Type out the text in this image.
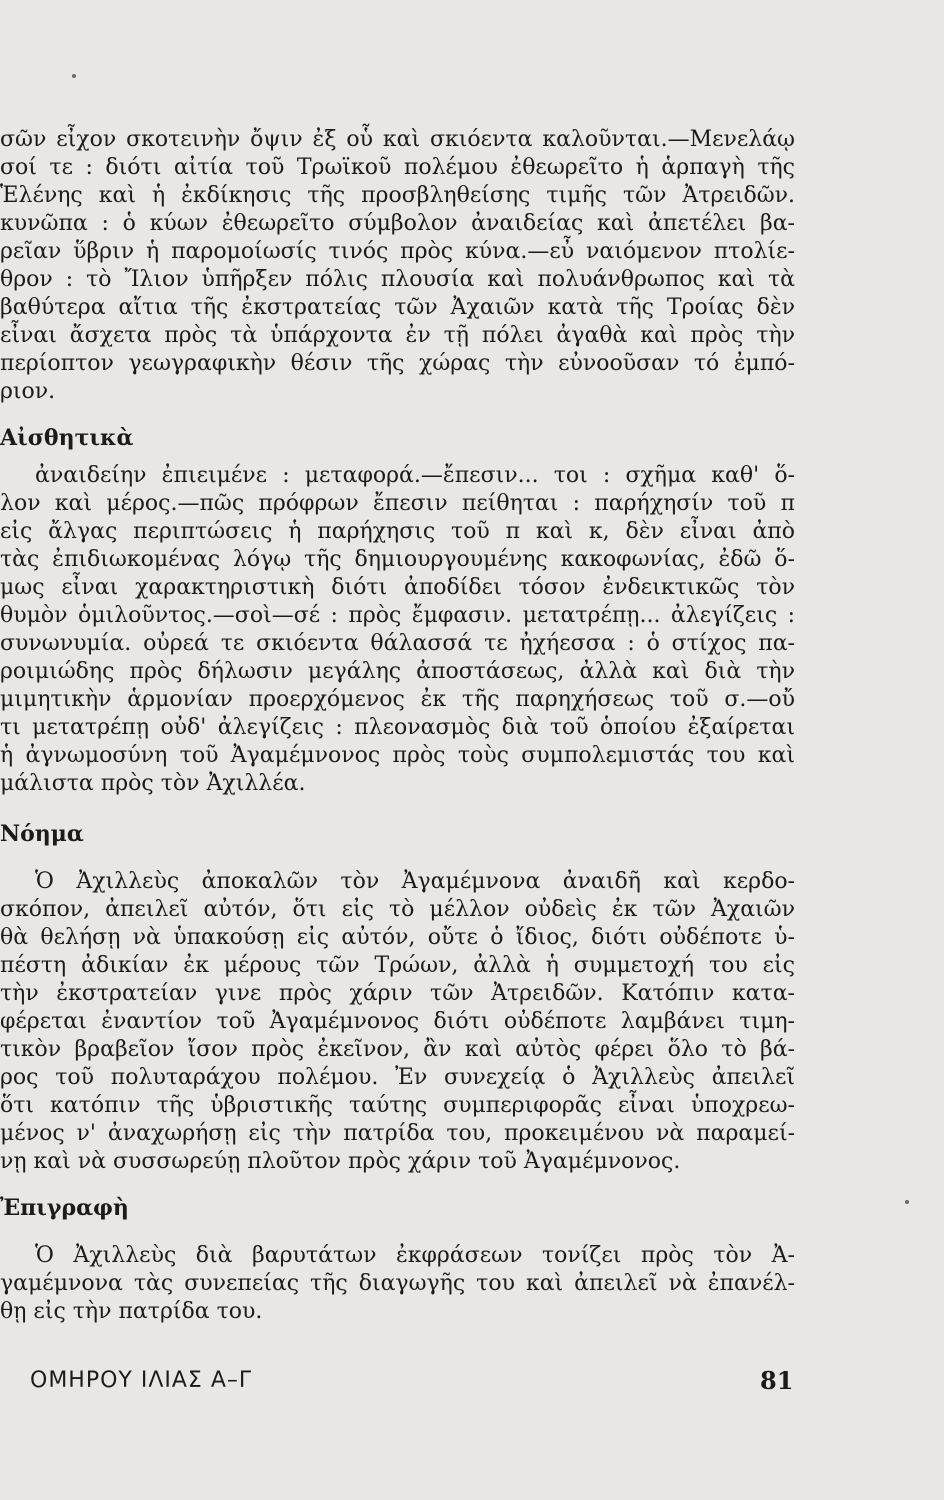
σῶν εἶχον σκοτεινὴν ὄψιν ἐξ οὗ καὶ σκιόεντα καλοῦνται.—Μενελάῳ

σοί τε : διότι αἰτία τοῦ Τρωϊκοῦ πολέμου ἐθεωρεῖτο ἡ ἁρπαγὴ τῆς

Ἑλένης καὶ ἡ ἐκδίκησις τῆς προσβληθείσης τιμῆς τῶν Ἀτρειδῶν.

κυνῶπα : ὁ κύων ἐθεωρεῖτο σύμβολον ἀναιδείας καὶ ἀπετέλει βα-

ρεῖαν ὕβριν ἡ παρομοίωσίς τινός πρὸς κύνα.—εὖ ναιόμενον πτολίε-

θρον : τὸ Ἴλιον ὑπῆρξεν πόλις πλουσία καὶ πολυάνθρωπος καὶ τὰ

βαθύτερα αἴτια τῆς ἐκστρατείας τῶν Ἀχαιῶν κατὰ τῆς Τροίας δὲν

εἶναι ἄσχετα πρὸς τὰ ὑπάρχοντα ἐν τῇ πόλει ἀγαθὰ καὶ πρὸς τὴν

περίοπτον γεωγραφικὴν θέσιν τῆς χώρας τὴν εὐνοοῦσαν τό ἐμπό-

ριον.

Αἰσθητικὰ

ἀναιδείην ἐπιειμένε : μεταφορά.—ἔπεσιν... τοι : σχῆμα καθ' ὅ-

λον καὶ μέρος.—πῶς πρόφρων ἔπεσιν πείθηται : παρήχησίν τοῦ π

εἰς ἄλγας περιπτώσεις ἡ παρήχησις τοῦ π καὶ κ, δὲν εἶναι ἀπὸ

τὰς ἐπιδιωκομένας λόγῳ τῆς δημιουργουμένης κακοφωνίας, ἐδῶ ὅ-

μως εἶναι χαρακτηριστικὴ διότι ἀποδίδει τόσον ἐνδεικτικῶς τὸν

θυμὸν ὁμιλοῦντος.—σοὶ—σέ : πρὸς ἔμφασιν. μετατρέπῃ... ἀλεγίζεις :

συνωνυμία. οὐρεά τε σκιόεντα θάλασσά τε ἠχήεσσα : ὁ στίχος πα-

ροιμιώδης πρὸς δήλωσιν μεγάλης ἀποστάσεως, ἀλλὰ καὶ διὰ τὴν

μιμητικὴν ἁρμονίαν προερχόμενος ἐκ τῆς παρηχήσεως τοῦ σ.—οὔ

τι μετατρέπῃ οὐδ' ἀλεγίζεις : πλεονασμὸς διὰ τοῦ ὁποίου ἐξαίρεται

ἡ ἀγνωμοσύνη τοῦ Ἀγαμέμνονος πρὸς τοὺς συμπολεμιστάς του καὶ

μάλιστα πρὸς τὸν Ἀχιλλέα.

Νόημα

Ὁ Ἀχιλλεὺς ἀποκαλῶν τὸν Ἀγαμέμνονα ἀναιδῆ καὶ κερδο-

σκόπον, ἀπειλεῖ αὐτόν, ὅτι εἰς τὸ μέλλον οὐδεὶς ἐκ τῶν Ἀχαιῶν

θὰ θελήσῃ νὰ ὑπακούσῃ εἰς αὐτόν, οὔτε ὁ ἴδιος, διότι οὐδέποτε ὑ-

πέστη ἀδικίαν ἐκ μέρους τῶν Τρώων, ἀλλὰ ἡ συμμετοχή του εἰς

τὴν ἐκστρατείαν γινε πρὸς χάριν τῶν Ἀτρειδῶν. Κατόπιν κατα-

φέρεται ἐναντίον τοῦ Ἀγαμέμνονος διότι οὐδέποτε λαμβάνει τιμη-

τικὸν βραβεῖον ἴσον πρὸς ἐκεῖνον, ἂν καὶ αὐτὸς φέρει ὅλο τὸ βά-

ρος τοῦ πολυταράχου πολέμου. Ἐν συνεχείᾳ ὁ Ἀχιλλεὺς ἀπειλεῖ

ὅτι κατόπιν τῆς ὑβριστικῆς ταύτης συμπεριφορᾶς εἶναι ὑποχρεω-

μένος ν' ἀναχωρήσῃ εἰς τὴν πατρίδα του, προκειμένου νὰ παραμεί-

νῃ καὶ νὰ συσσωρεύῃ πλοῦτον πρὸς χάριν τοῦ Ἀγαμέμνονος.

Ἐπιγραφὴ

Ὁ Ἀχιλλεὺς διὰ βαρυτάτων ἐκφράσεων τονίζει πρὸς τὸν Ἀ-

γαμέμνονα τὰς συνεπείας τῆς διαγωγῆς του καὶ ἀπειλεῖ νὰ ἐπανέλ-

θῃ εἰς τὴν πατρίδα του.

ΟΜΗΡΟΥ ΙΛΙΑΣ Α–Γ	81
